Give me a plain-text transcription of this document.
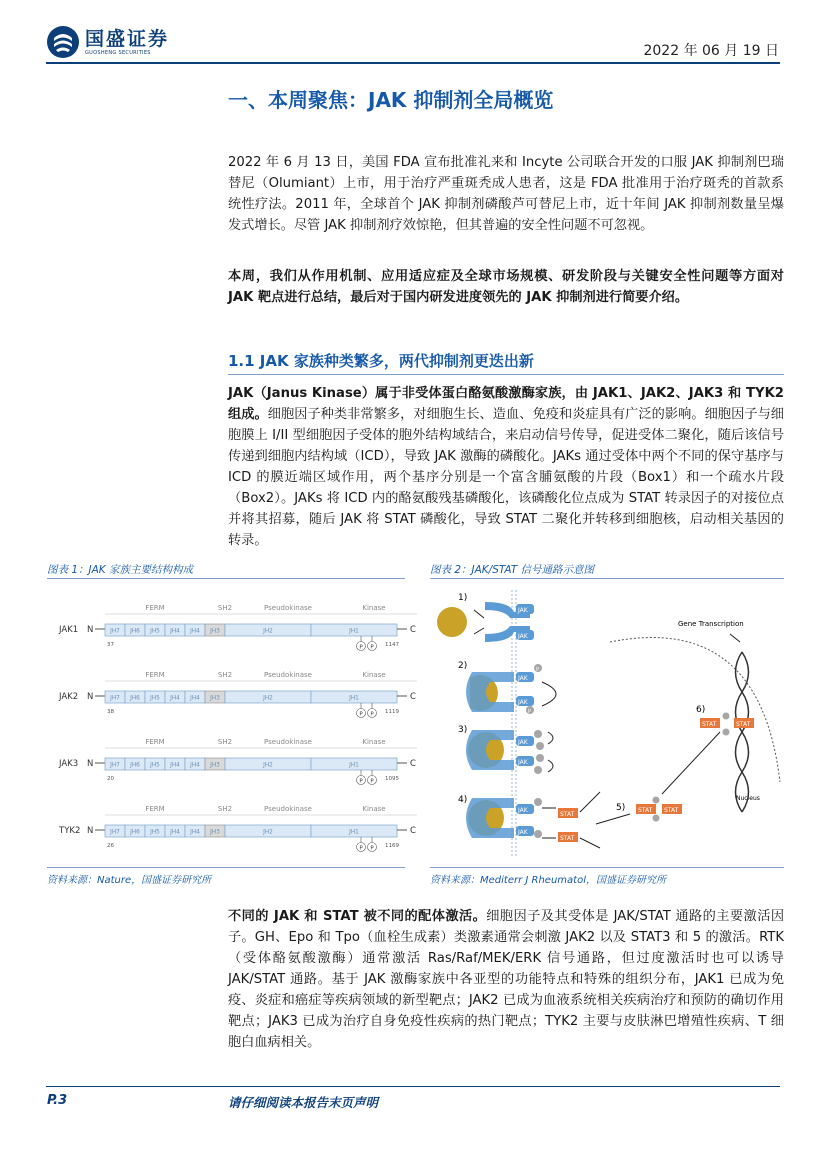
国盛证券
GUOSHENG SECURITIES	2022 年 06 月 19 日
一、本周聚焦：JAK 抑制剂全局概览
2022 年 6 月 13 日，美国 FDA 宣布批准礼来和 Incyte 公司联合开发的口服 JAK 抑制剂巴瑞替尼（Olumiant）上市，用于治疗严重斑秃成人患者，这是 FDA 批准用于治疗斑秃的首款系统性疗法。2011 年，全球首个 JAK 抑制剂磷酸芦可替尼上市，近十年间 JAK 抑制剂数量呈爆发式增长。尽管 JAK 抑制剂疗效惊艳，但其普遍的安全性问题不可忽视。
本周，我们从作用机制、应用适应症及全球市场规模、研发阶段与关键安全性问题等方面对 JAK 靶点进行总结，最后对于国内研发进度领先的 JAK 抑制剂进行简要介绍。
1.1 JAK 家族种类繁多，两代抑制剂更迭出新
JAK（Janus Kinase）属于非受体蛋白酪氨酸激酶家族，由 JAK1、JAK2、JAK3 和 TYK2 组成。细胞因子种类非常繁多，对细胞生长、造血、免疫和炎症具有广泛的影响。细胞因子与细胞膜上 I/II 型细胞因子受体的胞外结构域结合，来启动信号传导，促进受体二聚化，随后该信号传递到细胞内结构域（ICD），导致 JAK 激酶的磷酸化。JAKs 通过受体中两个不同的保守基序与 ICD 的膜近端区域作用，两个基序分别是一个富含脯氨酸的片段（Box1）和一个疏水片段（Box2）。JAKs 将 ICD 内的酪氨酸残基磷酸化，该磷酸化位点成为 STAT 转录因子的对接位点并将其招募，随后 JAK 将 STAT 磷酸化，导致 STAT 二聚化并转移到细胞核，启动相关基因的转录。
图表 1：JAK 家族主要结构构成
FERM	SH2	Pseudokinase	Kinase
JAK1 N	JH7 JH6 JH5 JH4 JH4 JH3	JH2	JH1	C
37	1147
P P
FERM	SH2	Pseudokinase	Kinase
JAK2 N	JH7 JH6 JH5 JH4 JH4 JH3	JH2	JH1	C
38	1119
P P
FERM	SH2	Pseudokinase	Kinase
JAK3 N	JH7 JH6 JH5 JH4 JH4 JH3	JH2	JH1	C
20	1095
P P
FERM	SH2	Pseudokinase	Kinase
TYK2 N	JH7 JH6 JH5 JH4 JH4 JH3	JH2	JH1	C
26	1169
P P
资料来源：Nature，国盛证券研究所
图表 2：JAK/STAT 信号通路示意图
1)
2)
3)
4)
5)
6)
JAK
JAK
JAK
JAK
P
P
JAK
JAK
JAK
JAK
STAT
STAT
STAT STAT
Gene Transcription
Nucleus
STAT	STAT
资料来源：Mediterr J Rheumatol，国盛证券研究所
不同的 JAK 和 STAT 被不同的配体激活。细胞因子及其受体是 JAK/STAT 通路的主要激活因子。GH、Epo 和 Tpo（血栓生成素）类激素通常会刺激 JAK2 以及 STAT3 和 5 的激活。RTK（受体酪氨酸激酶）通常激活 Ras/Raf/MEK/ERK 信号通路，但过度激活时也可以诱导 JAK/STAT 通路。基于 JAK 激酶家族中各亚型的功能特点和特殊的组织分布，JAK1 已成为免疫、炎症和癌症等疾病领域的新型靶点；JAK2 已成为血液系统相关疾病治疗和预防的确切作用靶点；JAK3 已成为治疗自身免疫性疾病的热门靶点；TYK2 主要与皮肤淋巴增殖性疾病、T 细胞白血病相关。
P.3	请仔细阅读本报告末页声明
